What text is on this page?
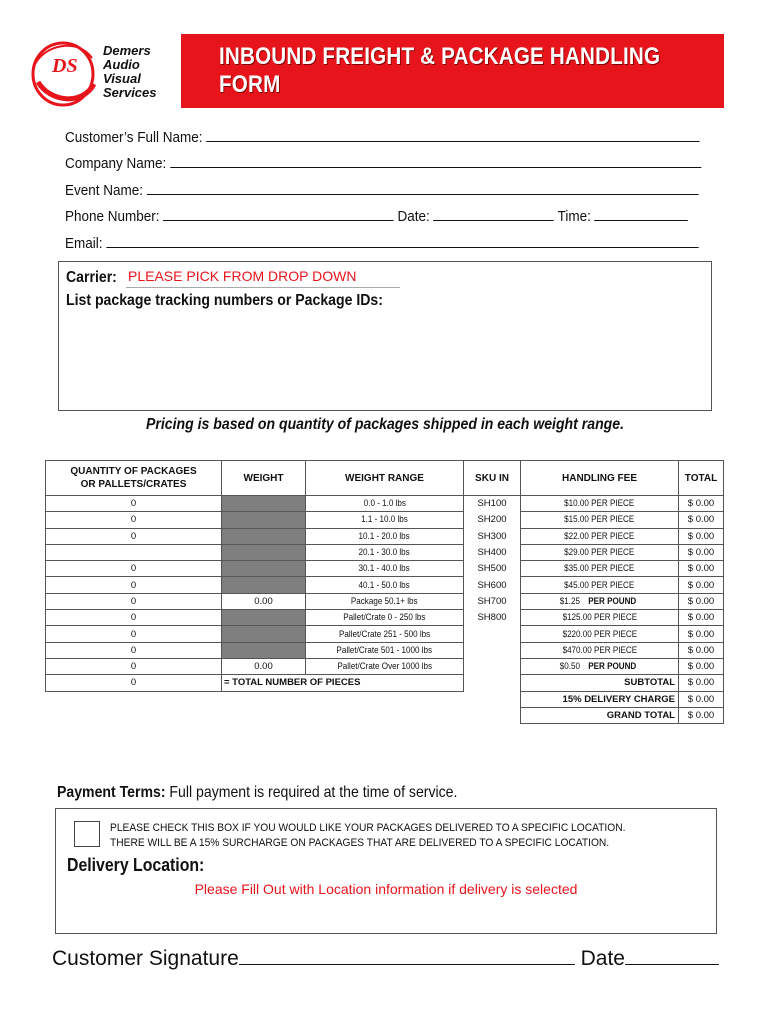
DS
Demers
Audio
Visual
Services
INBOUND FREIGHT & PACKAGE HANDLING FORM
Customer’s Full Name:
Company Name:
Event Name:
Phone Number:	Date:	Time:
Email:
Carrier: PLEASE PICK FROM DROP DOWN
List package tracking numbers or Package IDs:
Pricing is based on quantity of packages shipped in each weight range.
QUANTITY OF PACKAGES OR PALLETS/CRATES	WEIGHT	WEIGHT RANGE	SKU IN	HANDLING FEE	TOTAL
0		0.0 - 1.0 lbs	SH100	$10.00 PER PIECE	$ 0.00
0		1.1 - 10.0 lbs	SH200	$15.00 PER PIECE	$ 0.00
0		10.1 - 20.0 lbs	SH300	$22.00 PER PIECE	$ 0.00
		20.1 - 30.0 lbs	SH400	$29.00 PER PIECE	$ 0.00
0		30.1 - 40.0 lbs	SH500	$35.00 PER PIECE	$ 0.00
0		40.1 - 50.0 lbs	SH600	$45.00 PER PIECE	$ 0.00
0	0.00	Package 50.1+ lbs	SH700	$1.25 PER POUND	$ 0.00
0		Pallet/Crate 0 - 250 lbs	SH800	$125.00 PER PIECE	$ 0.00
0		Pallet/Crate 251 - 500 lbs		$220.00 PER PIECE	$ 0.00
0		Pallet/Crate 501 - 1000 lbs		$470.00 PER PIECE	$ 0.00
0	0.00	Pallet/Crate Over 1000 lbs		$0.50 PER POUND	$ 0.00
0	= TOTAL NUMBER OF PIECES			SUBTOTAL	$ 0.00
				15% DELIVERY CHARGE	$ 0.00
				GRAND TOTAL	$ 0.00
Payment Terms: Full payment is required at the time of service.
PLEASE CHECK THIS BOX IF YOU WOULD LIKE YOUR PACKAGES DELIVERED TO A SPECIFIC LOCATION.
THERE WILL BE A 15% SURCHARGE ON PACKAGES THAT ARE DELIVERED TO A SPECIFIC LOCATION.
Delivery Location:
Please Fill Out with Location information if delivery is selected
Customer Signature	Date
